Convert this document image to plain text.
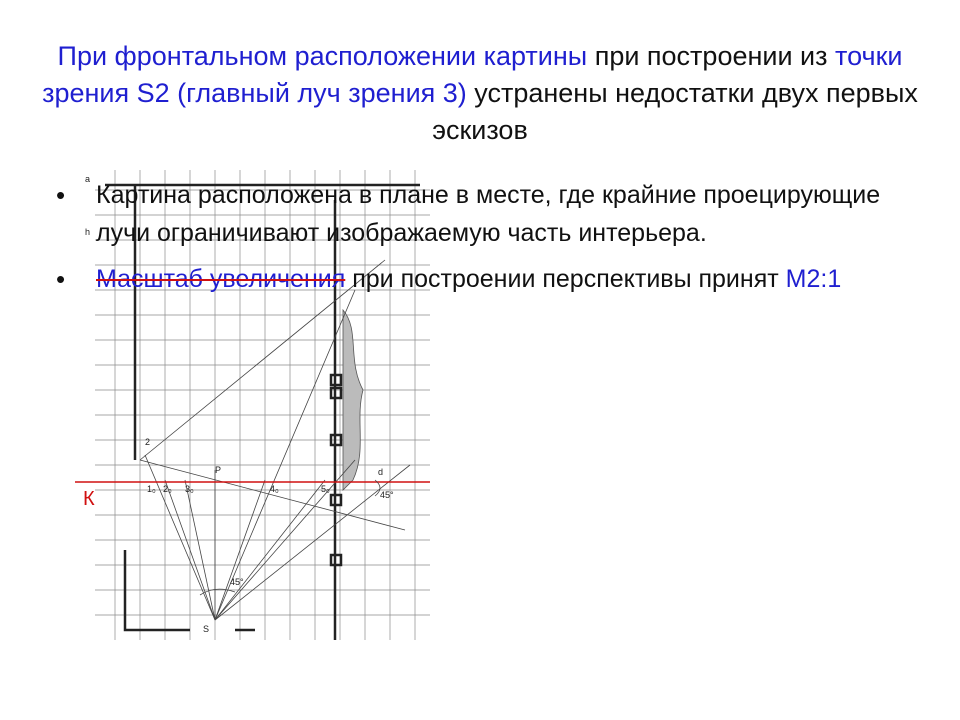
При фронтальном расположении картины при построении из точки зрения S2 (главный луч зрения 3) устранены недостатки двух первых эскизов
К	1₀ 2₀ 3₀	4₀	5₀
P
S
d
45°
45°
2
a
h
• Картина расположена в плане в месте, где крайние проецирующие лучи ограничивают изображаемую часть интерьера.
• Масштаб увеличения при построении перспективы принят М2:1
